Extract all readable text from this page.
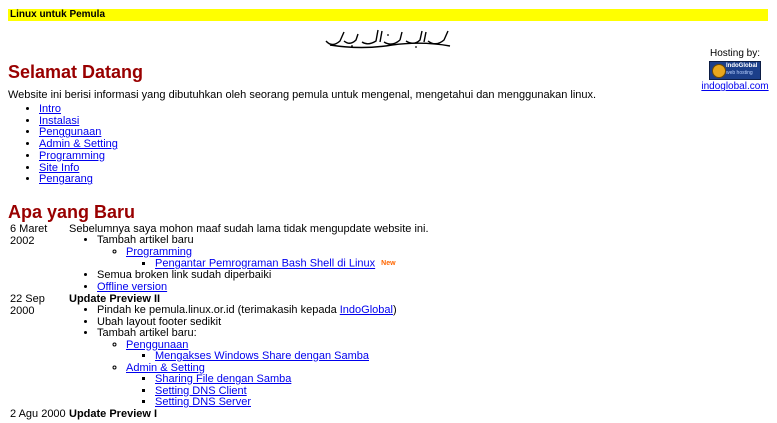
Linux untuk Pemula
Hosting by:
IndoGlobal
web hosting
indoglobal.com
Selamat Datang
Website ini berisi informasi yang dibutuhkan oleh seorang pemula untuk mengenal, mengetahui dan menggunakan linux.
• Intro
• Instalasi
• Penggunaan
• Admin & Setting
• Programming
• Site Info
• Pengarang
Apa yang Baru
6 Maret 2002
Sebelumnya saya mohon maaf sudah lama tidak mengupdate website ini.
• Tambah artikel baru
◦ Programming
▪ Pengantar Pemrograman Bash Shell di Linux New
• Semua broken link sudah diperbaiki
• Offline version
22 Sep 2000
Update Preview II
• Pindah ke pemula.linux.or.id (terimakasih kepada IndoGlobal)
• Ubah layout footer sedikit
• Tambah artikel baru:
◦ Penggunaan
▪ Mengakses Windows Share dengan Samba
◦ Admin & Setting
▪ Sharing File dengan Samba
▪ Setting DNS Client
▪ Setting DNS Server
2 Agu 2000 Update Preview I
